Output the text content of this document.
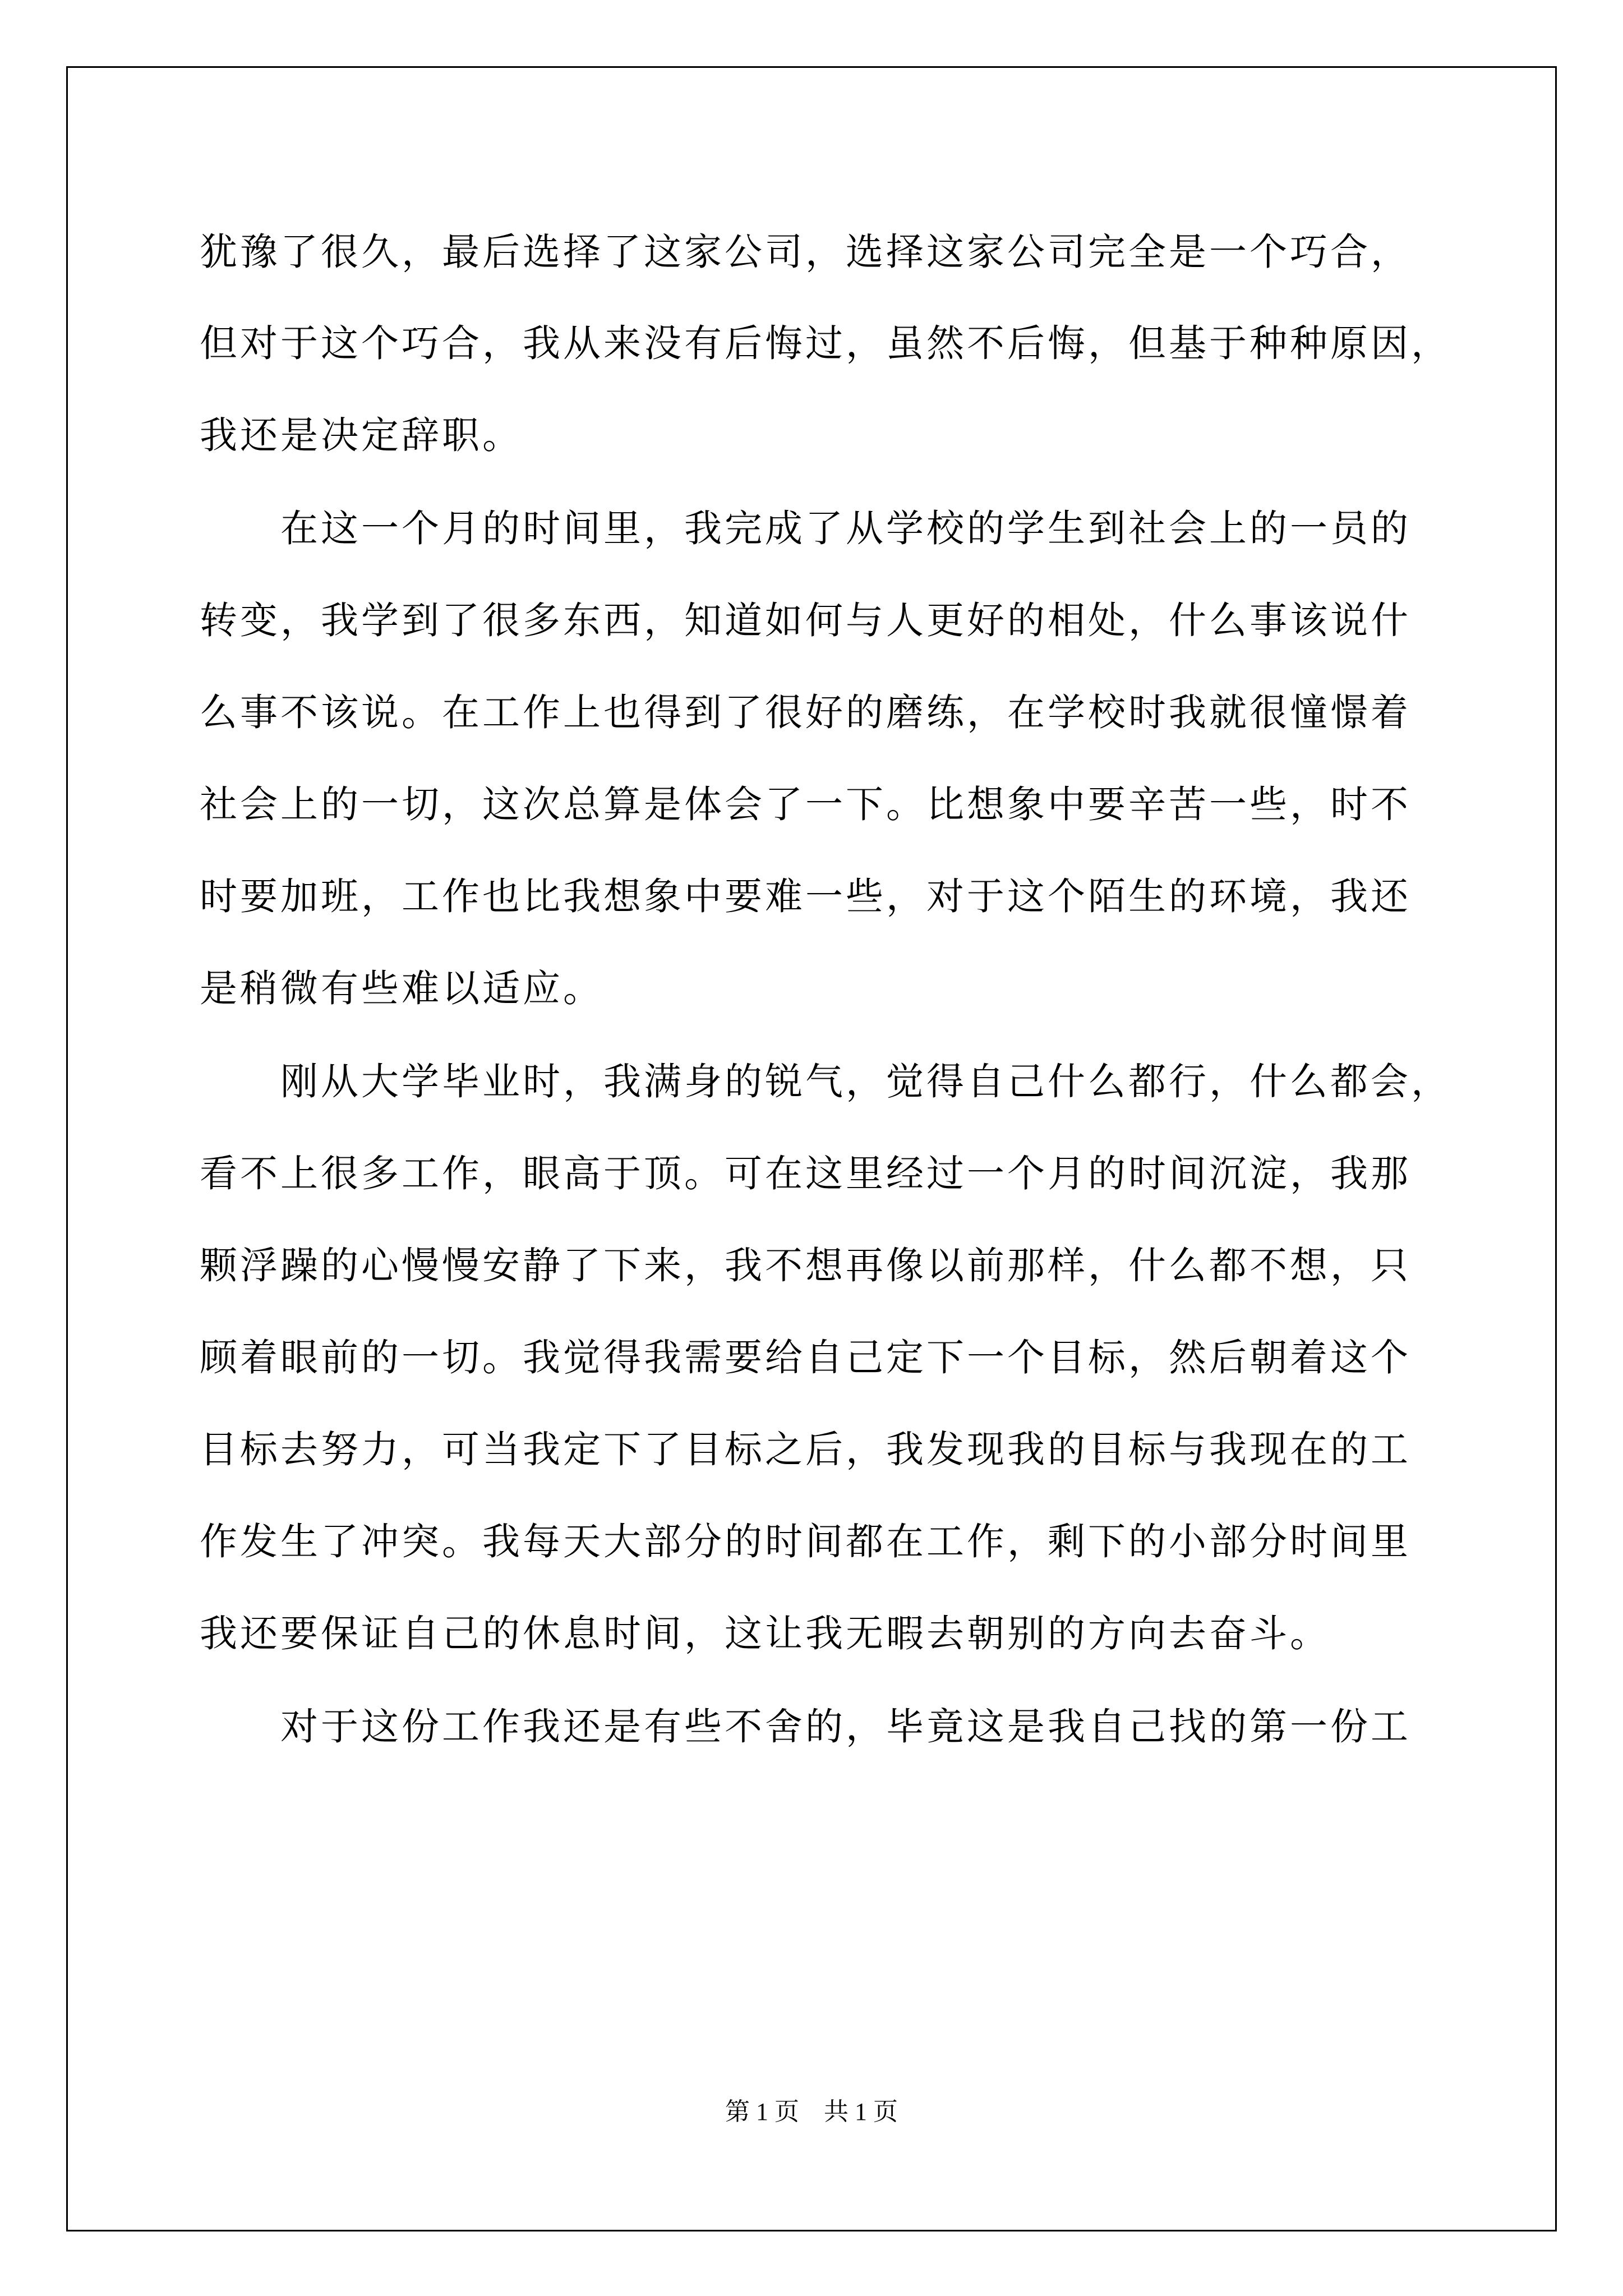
犹豫了很久，最后选择了这家公司，选择这家公司完全是一个巧合，
但对于这个巧合，我从来没有后悔过，虽然不后悔，但基于种种原因，
我还是决定辞职。
　　在这一个月的时间里，我完成了从学校的学生到社会上的一员的
转变，我学到了很多东西，知道如何与人更好的相处，什么事该说什
么事不该说。在工作上也得到了很好的磨练，在学校时我就很憧憬着
社会上的一切，这次总算是体会了一下。比想象中要辛苦一些，时不
时要加班，工作也比我想象中要难一些，对于这个陌生的环境，我还
是稍微有些难以适应。
　　刚从大学毕业时，我满身的锐气，觉得自己什么都行，什么都会，
看不上很多工作，眼高于顶。可在这里经过一个月的时间沉淀，我那
颗浮躁的心慢慢安静了下来，我不想再像以前那样，什么都不想，只
顾着眼前的一切。我觉得我需要给自己定下一个目标，然后朝着这个
目标去努力，可当我定下了目标之后，我发现我的目标与我现在的工
作发生了冲突。我每天大部分的时间都在工作，剩下的小部分时间里
我还要保证自己的休息时间，这让我无暇去朝别的方向去奋斗。
　　对于这份工作我还是有些不舍的，毕竟这是我自己找的第一份工
第 1 页　共 1 页
